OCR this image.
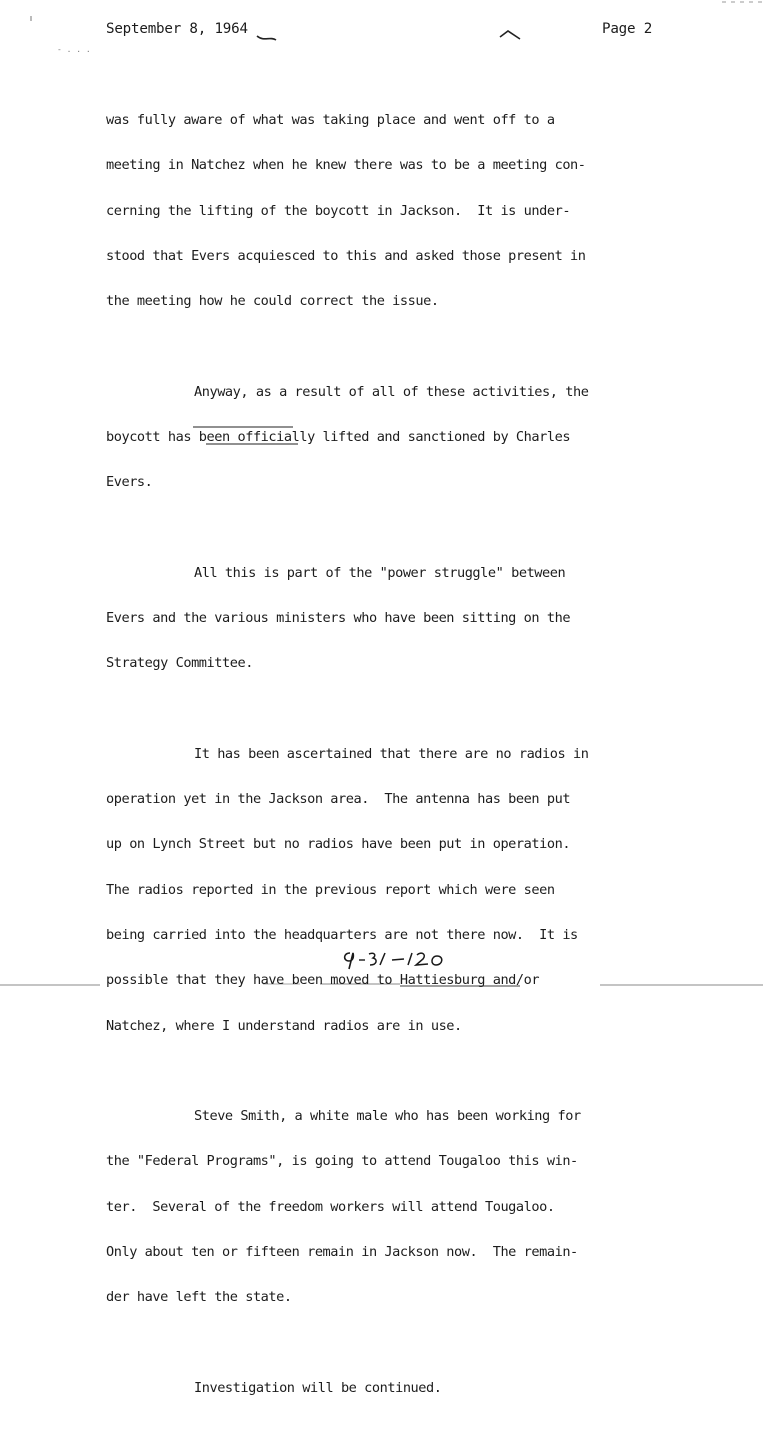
- . . .
September 8, 1964	Page 2

was fully aware of what was taking place and went off to a

meeting in Natchez when he knew there was to be a meeting con-

cerning the lifting of the boycott in Jackson.  It is under-

stood that Evers acquiesced to this and asked those present in

the meeting how he could correct the issue.

Anyway, as a result of all of these activities, the

boycott has been officially lifted and sanctioned by Charles

Evers.

All this is part of the "power struggle" between

Evers and the various ministers who have been sitting on the

Strategy Committee.

It has been ascertained that there are no radios in

operation yet in the Jackson area.  The antenna has been put

up on Lynch Street but no radios have been put in operation.

The radios reported in the previous report which were seen

being carried into the headquarters are not there now.  It is

possible that they have been moved to Hattiesburg and/or

Natchez, where I understand radios are in use.

Steve Smith, a white male who has been working for

the "Federal Programs", is going to attend Tougaloo this win-

ter.  Several of the freedom workers will attend Tougaloo.

Only about ten or fifteen remain in Jackson now.  The remain-

der have left the state.

Investigation will be continued.

9-31-120
